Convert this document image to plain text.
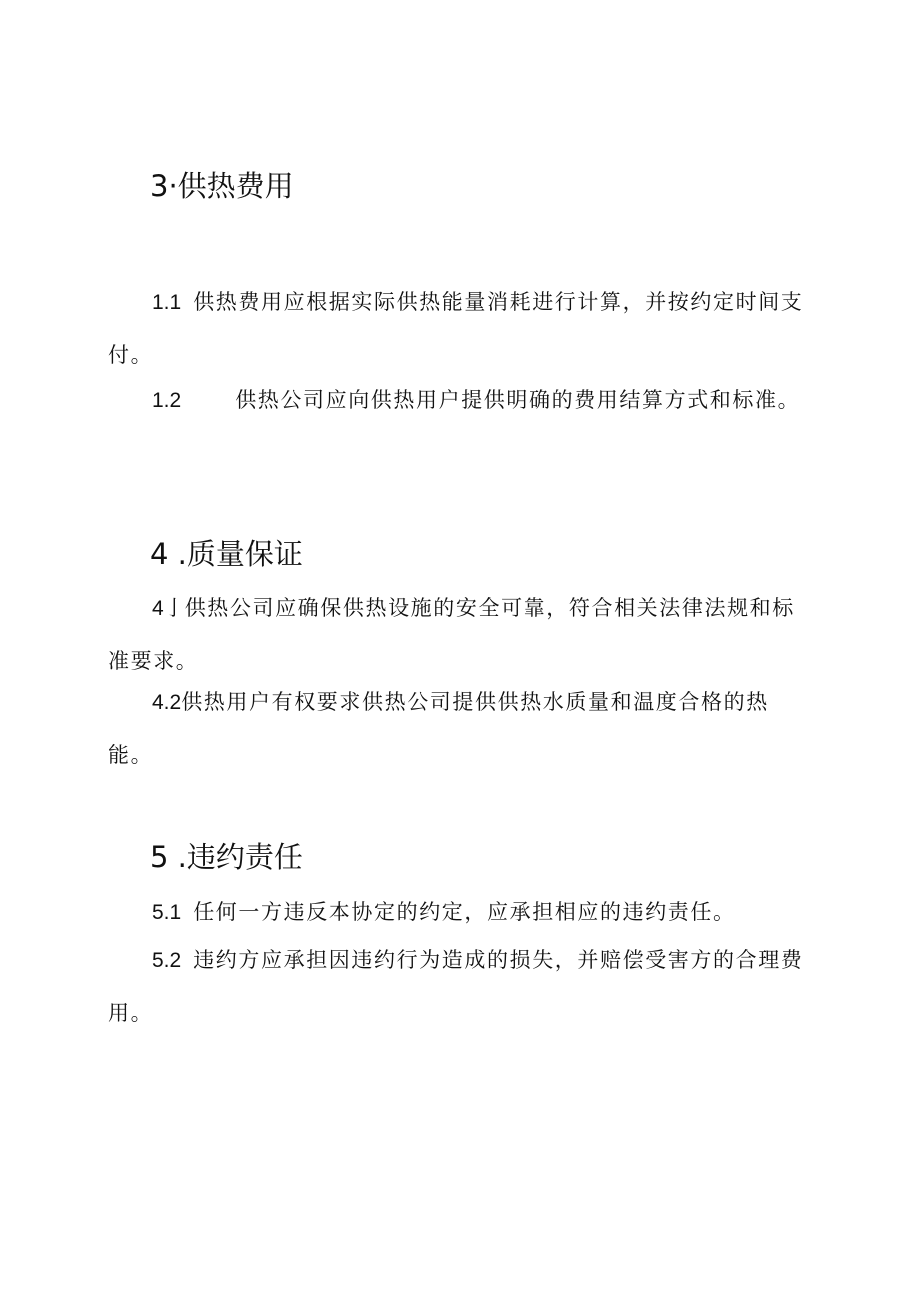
3·供热费用

1.1 供热费用应根据实际供热能量消耗进行计算，并按约定时间支付。

1.2	供热公司应向供热用户提供明确的费用结算方式和标准。

4 .质量保证

4亅供热公司应确保供热设施的安全可靠，符合相关法律法规和标准要求。

4.2供热用户有权要求供热公司提供供热水质量和温度合格的热能。

5 .违约责任

5.1 任何一方违反本协定的约定，应承担相应的违约责任。

5.2 违约方应承担因违约行为造成的损失，并赔偿受害方的合理费用。
